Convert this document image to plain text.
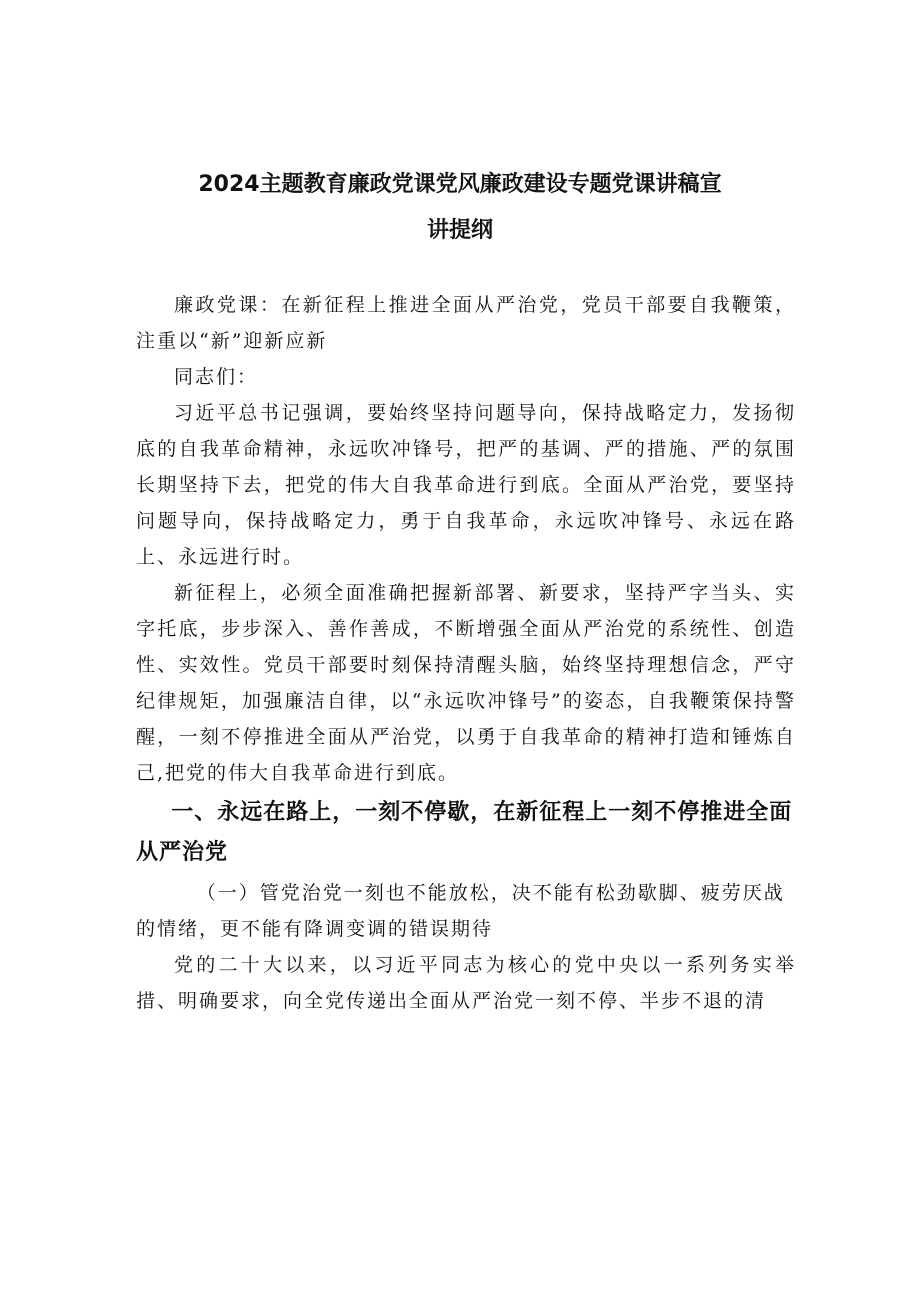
2024主题教育廉政党课党风廉政建设专题党课讲稿宣
讲提纲

廉政党课：在新征程上推进全面从严治党，党员干部要自我鞭策，注重以“新”迎新应新

同志们：

习近平总书记强调，要始终坚持问题导向，保持战略定力，发扬彻底的自我革命精神，永远吹冲锋号，把严的基调、严的措施、严的氛围长期坚持下去，把党的伟大自我革命进行到底。全面从严治党，要坚持问题导向，保持战略定力，勇于自我革命，永远吹冲锋号、永远在路上、永远进行时。

新征程上，必须全面准确把握新部署、新要求，坚持严字当头、实字托底，步步深入、善作善成，不断增强全面从严治党的系统性、创造性、实效性。党员干部要时刻保持清醒头脑，始终坚持理想信念，严守纪律规矩，加强廉洁自律，以“永远吹冲锋号”的姿态，自我鞭策保持警醒，一刻不停推进全面从严治党，以勇于自我革命的精神打造和锤炼自己,把党的伟大自我革命进行到底。

一、永远在路上，一刻不停歇，在新征程上一刻不停推进全面从严治党

（一）管党治党一刻也不能放松，决不能有松劲歇脚、疲劳厌战的情绪，更不能有降调变调的错误期待

党的二十大以来，以习近平同志为核心的党中央以一系列务实举措、明确要求，向全党传递出全面从严治党一刻不停、半步不退的清
